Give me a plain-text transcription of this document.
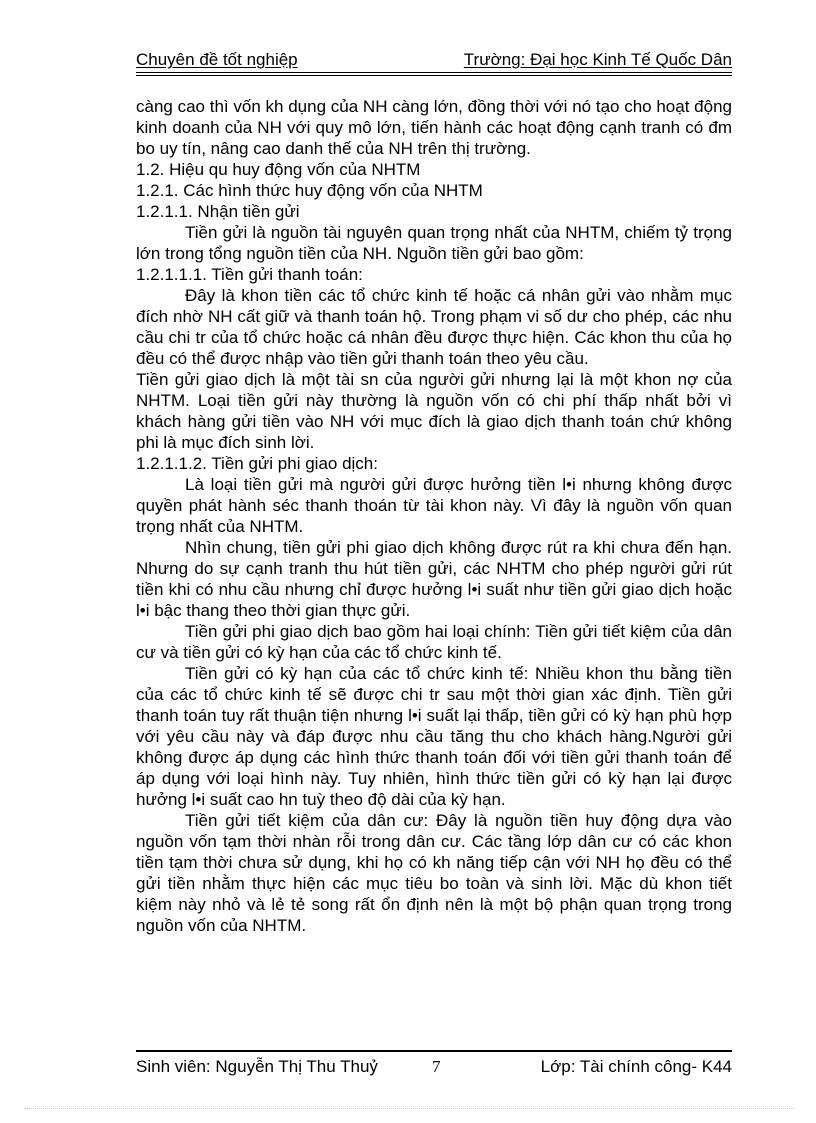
Chuyên đề tốt nghiệp	Trường: Đại học Kinh Tế Quốc Dân

càng cao thì vốn kh dụng của NH càng lớn, đồng thời với nó tạo cho hoạt động kinh doanh của NH với quy mô lớn, tiến hành các hoạt động cạnh tranh có đm bo uy tín, nâng cao danh thế của NH trên thị trường.

1.2. Hiệu qu huy động vốn của NHTM

1.2.1. Các hình thức huy động vốn của NHTM

1.2.1.1. Nhận tiền gửi

Tiền gửi là nguồn tài nguyên quan trọng nhất của NHTM, chiếm tỷ trọng lớn trong tổng nguồn tiền của NH. Nguồn tiền gửi bao gồm:

1.2.1.1.1. Tiền gửi thanh toán:

Đây là khon tiền các tổ chức kinh tế hoặc cá nhân gửi vào nhằm mục đích nhờ NH cất giữ và thanh toán hộ. Trong phạm vi số dư cho phép, các nhu cầu chi tr của tổ chức hoặc cá nhân đều được thực hiện. Các khon thu của họ đều có thể được nhập vào tiền gửi thanh toán theo yêu cầu.

Tiền gửi giao dịch là một tài sn của người gửi nhưng lại là một khon nợ của NHTM. Loại tiền gửi này thường là nguồn vốn có chi phí thấp nhất bởi vì khách hàng gửi tiền vào NH với mục đích là giao dịch thanh toán chứ không phi là mục đích sinh lời.

1.2.1.1.2. Tiền gửi phi giao dịch:

Là loại tiền gửi mà người gửi được hưởng tiền l•i nhưng không được quyền phát hành séc thanh thoán từ tài khon này. Vì đây là nguồn vốn quan trọng nhất của NHTM.

Nhìn chung, tiền gửi phi giao dịch không được rút ra khi chưa đến hạn. Nhưng do sự cạnh tranh thu hút tiền gửi, các NHTM cho phép người gửi rút tiền khi có nhu cầu nhưng chỉ được hưởng l•i suất như tiền gửi giao dịch hoặc l•i bậc thang theo thời gian thực gửi.

Tiền gửi phi giao dịch bao gồm hai loại chính: Tiền gửi tiết kiệm của dân cư và tiền gửi có kỳ hạn của các tổ chức kinh tế.

Tiền gửi có kỳ hạn của các tổ chức kinh tế: Nhiều khon thu bằng tiền của các tổ chức kinh tế sẽ được chi tr sau một thời gian xác định. Tiền gửi thanh toán tuy rất thuận tiện nhưng l•i suất lại thấp, tiền gửi có kỳ hạn phù hợp với yêu cầu này và đáp được nhu cầu tăng thu cho khách hàng.Người gửi không được áp dụng các hình thức thanh toán đối với tiền gửi thanh toán để áp dụng với loại hình này. Tuy nhiên, hình thức tiền gửi có kỳ hạn lại được hưởng l•i suất cao hn tuỳ theo độ dài của kỳ hạn.

Tiền gửi tiết kiệm của dân cư: Đây là nguồn tiền huy động dựa vào nguồn vốn tạm thời nhàn rỗi trong dân cư. Các tầng lớp dân cư có các khon tiền tạm thời chưa sử dụng, khi họ có kh năng tiếp cận với NH họ đều có thể gửi tiền nhằm thực hiện các mục tiêu bo toàn và sinh lời. Mặc dù khon tiết kiệm này nhỏ và lẻ tẻ song rất ổn định nên là một bộ phận quan trọng trong nguồn vốn của NHTM.

Sinh viên: Nguyễn Thị Thu Thuỷ	7	Lớp: Tài chính công- K44
